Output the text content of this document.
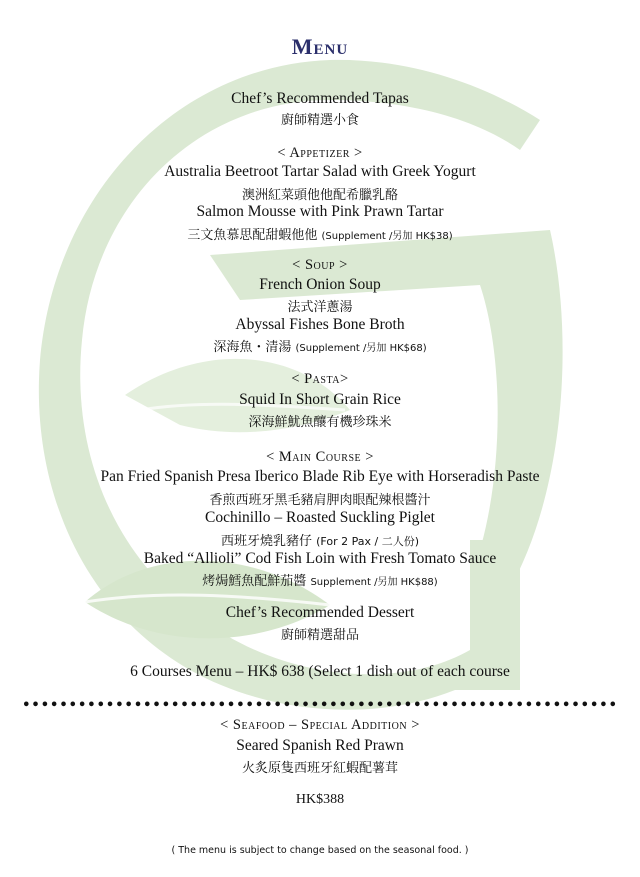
Menu
Chef’s Recommended Tapas
廚師精選小食
< Appetizer >
Australia Beetroot Tartar Salad with Greek Yogurt
澳洲紅菜頭他他配希臘乳酪
Salmon Mousse with Pink Prawn Tartar
三文魚慕思配甜蝦他他 (Supplement /另加 HK$38)
< Soup >
French Onion Soup
法式洋蔥湯
Abyssal Fishes Bone Broth
深海魚・清湯 (Supplement /另加 HK$68)
< Pasta>
Squid In Short Grain Rice
深海鮮魷魚釀有機珍珠米
< Main Course >
Pan Fried Spanish Presa Iberico Blade Rib Eye with Horseradish Paste
香煎西班牙黑毛豬肩胛肉眼配辣根醬汁
Cochinillo – Roasted Suckling Piglet
西班牙燒乳豬仔 (For 2 Pax / 二人份)
Baked “Allioli” Cod Fish Loin with Fresh Tomato Sauce
烤焗鱈魚配鮮茄醬 Supplement /另加 HK$88)
Chef’s Recommended Dessert
廚師精選甜品
6 Courses Menu – HK$ 638 (Select 1 dish out of each course
••••••••••••••••••••••••••••••••••••••••••••••••••••••••••••••••
< Seafood – Special Addition >
Seared Spanish Red Prawn
火炙原隻西班牙紅蝦配薯茸
HK$388
( The menu is subject to change based on the seasonal food. )
